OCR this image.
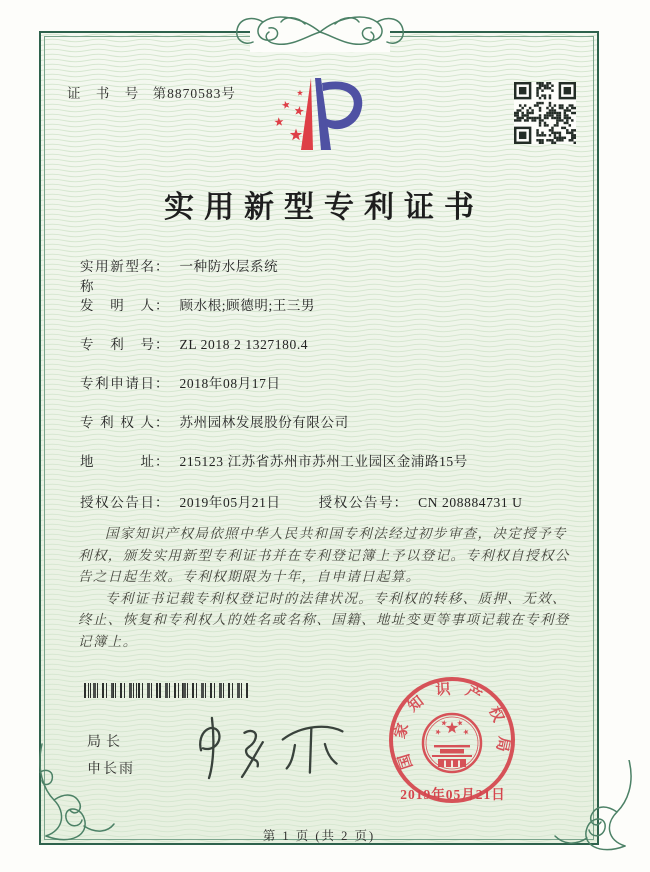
证 书 号 第8870583号
实用新型专利证书
实用新型名称
： 一种防水层系统
发明人 ： 顾水根;顾德明;王三男
专利号 ： ZL 2018 2 1327180.4
专利申请日 ： 2018年08月17日
专利权人 ： 苏州园林发展股份有限公司
地址 ： 215123 江苏省苏州市苏州工业园区金浦路15号
授权公告日 ： 2019年05月21日	授权公告号 ： CN 208884731 U

国家知识产权局依照中华人民共和国专利法经过初步审查，决定授予专利权，颁发实用新型专利证书并在专利登记簿上予以登记。专利权自授权公告之日起生效。专利权期限为十年，自申请日起算。

专利证书记载专利权登记时的法律状况。专利权的转移、质押、无效、终止、恢复和专利权人的姓名或名称、国籍、地址变更等事项记载在专利登记簿上。

局长
申长雨	国家知识产权局
2019年05月21日
第 1 页 (共 2 页)
